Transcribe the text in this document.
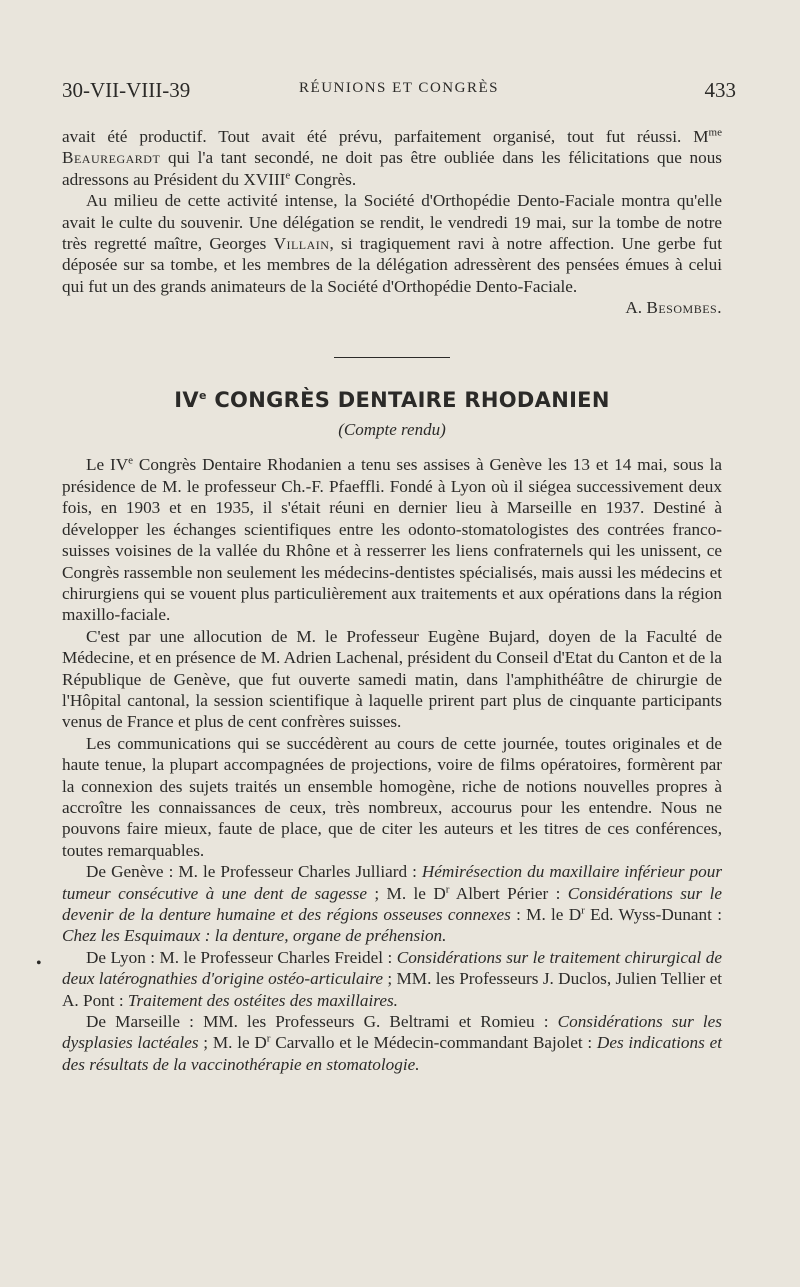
30-VII-VIII-39	RÉUNIONS ET CONGRÈS	433
•

avait été productif. Tout avait été prévu, parfaitement organisé, tout fut réussi. $M^{me}$ Beauregardt qui l'a tant secondé, ne doit pas être oubliée dans les félicitations que nous adressons au Président du XVIIIe Congrès.

Au milieu de cette activité intense, la Société d'Orthopédie Dento-Faciale montra qu'elle avait le culte du souvenir. Une délégation se rendit, le vendredi 19 mai, sur la tombe de notre très regretté maître, Georges Villain, si tragiquement ravi à notre affection. Une gerbe fut déposée sur sa tombe, et les membres de la délégation adressèrent des pensées émues à celui qui fut un des grands animateurs de la Société d'Orthopédie Dento-Faciale.

A. Besombes.

IVe CONGRÈS DENTAIRE RHODANIEN
(Compte rendu)

Le IVe Congrès Dentaire Rhodanien a tenu ses assises à Genève les 13 et 14 mai, sous la présidence de M. le professeur Ch.-F. Pfaeffli. Fondé à Lyon où il siégea successivement deux fois, en 1903 et en 1935, il s'était réuni en dernier lieu à Marseille en 1937. Destiné à développer les échanges scientifiques entre les odonto-stomatologistes des contrées franco-suisses voisines de la vallée du Rhône et à resserrer les liens confraternels qui les unissent, ce Congrès rassemble non seulement les médecins-dentistes spécialisés, mais aussi les médecins et chirurgiens qui se vouent plus particulièrement aux traitements et aux opérations dans la région maxillo-faciale.

C'est par une allocution de M. le Professeur Eugène Bujard, doyen de la Faculté de Médecine, et en présence de M. Adrien Lachenal, président du Conseil d'Etat du Canton et de la République de Genève, que fut ouverte samedi matin, dans l'amphithéâtre de chirurgie de l'Hôpital cantonal, la session scientifique à laquelle prirent part plus de cinquante participants venus de France et plus de cent confrères suisses.

Les communications qui se succédèrent au cours de cette journée, toutes originales et de haute tenue, la plupart accompagnées de projections, voire de films opératoires, formèrent par la connexion des sujets traités un ensemble homogène, riche de notions nouvelles propres à accroître les connaissances de ceux, très nombreux, accourus pour les entendre. Nous ne pouvons faire mieux, faute de place, que de citer les auteurs et les titres de ces conférences, toutes remarquables.

De Genève : M. le Professeur Charles Julliard : Hémirésection du maxillaire inférieur pour tumeur consécutive à une dent de sagesse ; M. le $D^r$ Albert Périer : Considérations sur le devenir de la denture humaine et des régions osseuses connexes : M. le $D^r$ Ed. Wyss-Dunant : Chez les Esquimaux : la denture, organe de préhension.

De Lyon : M. le Professeur Charles Freidel : Considérations sur le traitement chirurgical de deux latérognathies d'origine ostéo-articulaire ; MM. les Professeurs J. Duclos, Julien Tellier et A. Pont : Traitement des ostéites des maxillaires.

De Marseille : MM. les Professeurs G. Beltrami et Romieu : Considérations sur les dysplasies lactéales ; M. le $D^r$ Carvallo et le Médecin-commandant Bajolet : Des indications et des résultats de la vaccinothérapie en stomatologie.
